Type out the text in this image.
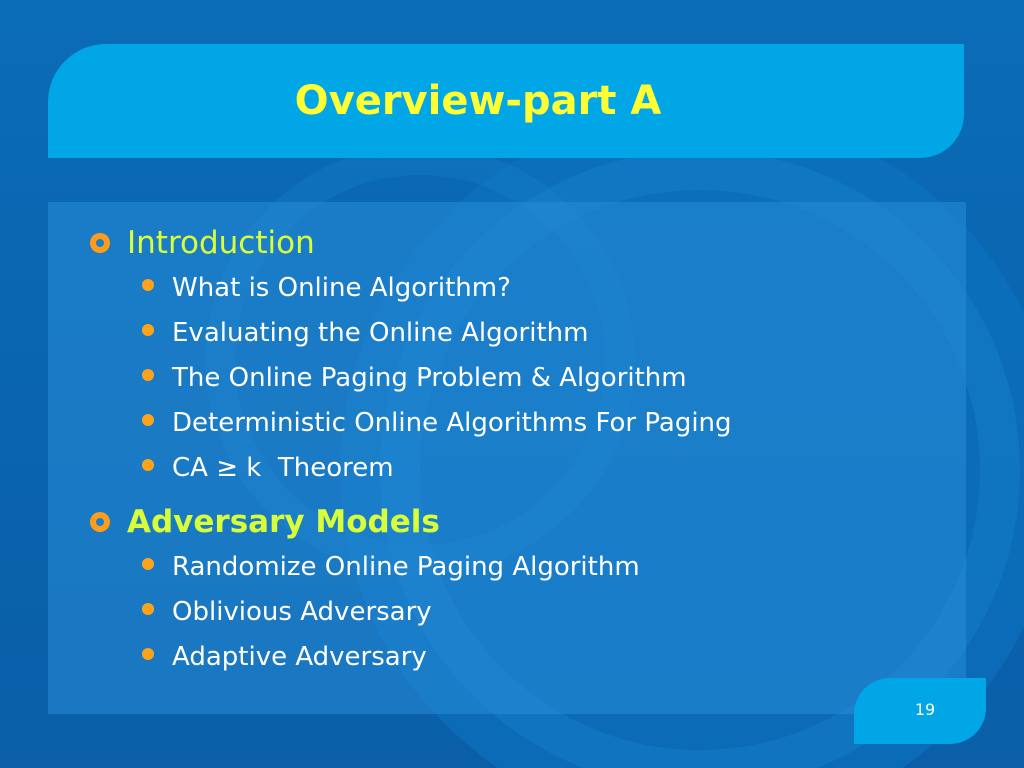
Overview-part A
Introduction
What is Online Algorithm?
Evaluating the Online Algorithm
The Online Paging Problem & Algorithm
Deterministic Online Algorithms For Paging
CA ≥ k  Theorem
Adversary Models
Randomize Online Paging Algorithm
Oblivious Adversary
Adaptive Adversary
19
